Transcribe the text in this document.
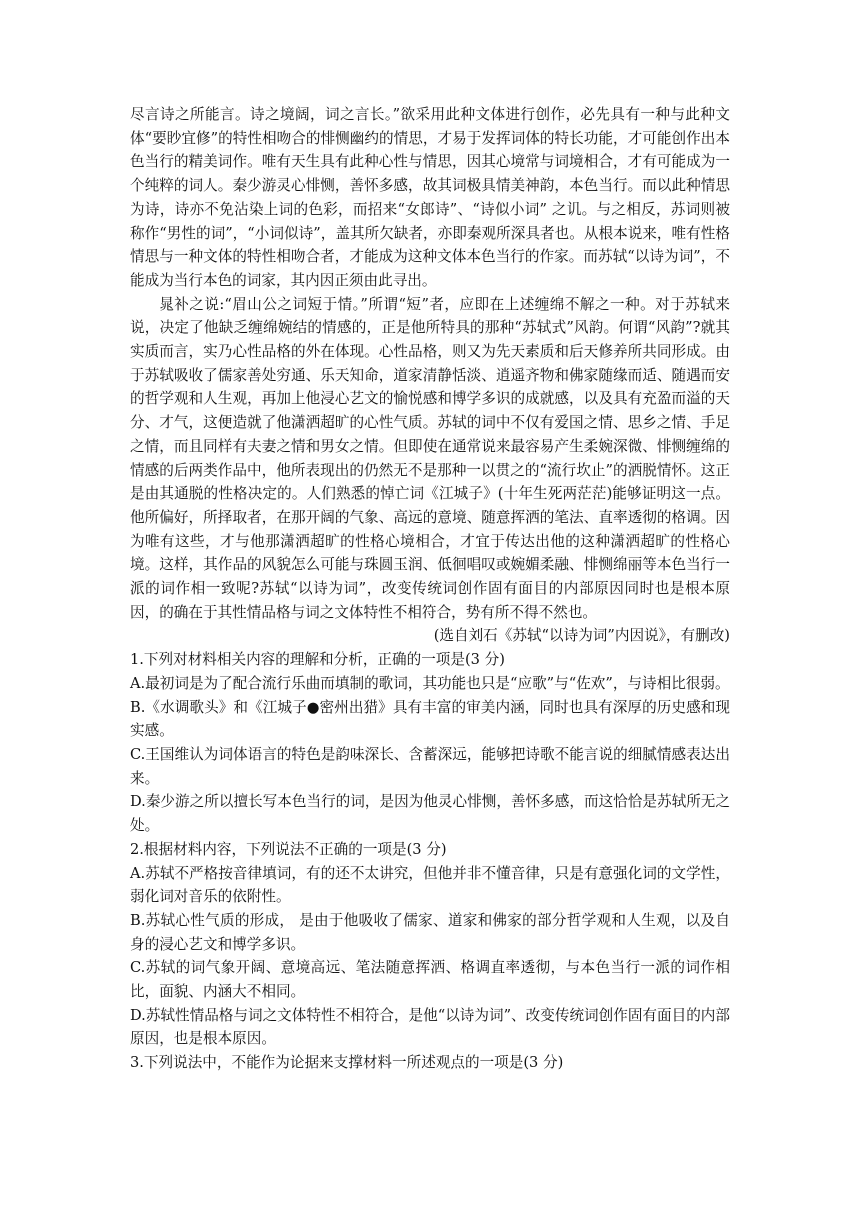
尽言诗之所能言。诗之境阔，词之言长。”欲采用此种文体进行创作，必先具有一种与此种文体“要眇宜修”的特性相吻合的悱恻幽约的情思，才易于发挥词体的特长功能，才可能创作出本色当行的精美词作。唯有天生具有此种心性与情思，因其心境常与词境相合，才有可能成为一个纯粹的词人。秦少游灵心悱恻，善怀多感，故其词极具情美神韵，本色当行。而以此种情思为诗，诗亦不免沾染上词的色彩，而招来“女郎诗”、“诗似小词” 之讥。与之相反，苏词则被称作“男性的词”，“小词似诗”，盖其所欠缺者，亦即秦观所深具者也。从根本说来，唯有性格情思与一种文体的特性相吻合者，才能成为这种文体本色当行的作家。而苏轼“以诗为词”，不能成为当行本色的词家，其内因正须由此寻出。

晁补之说:“眉山公之词短于情。”所谓“短”者，应即在上述缠绵不解之一种。对于苏轼来说，决定了他缺乏缠绵婉结的情感的，正是他所特具的那种“苏轼式”风韵。何谓“风韵”?就其实质而言，实乃心性品格的外在体现。心性品格，则又为先天素质和后天修养所共同形成。由于苏轼吸收了儒家善处穷通、乐天知命，道家清静恬淡、逍遥齐物和佛家随缘而适、随遇而安的哲学观和人生观，再加上他浸心艺文的愉悦感和博学多识的成就感，以及具有充盈而溢的天分、才气，这便造就了他潇洒超旷的心性气质。苏轼的词中不仅有爱国之情、思乡之情、手足之情，而且同样有夫妻之情和男女之情。但即使在通常说来最容易产生柔婉深微、悱恻缠绵的情感的后两类作品中，他所表现出的仍然无不是那种一以贯之的“流行坎止”的洒脱情怀。这正是由其通脱的性格决定的。人们熟悉的悼亡词《江城子》(十年生死两茫茫)能够证明这一点。他所偏好，所择取者，在那开阔的气象、高远的意境、随意挥洒的笔法、直率透彻的格调。因为唯有这些，才与他那潇洒超旷的性格心境相合，才宜于传达出他的这种潇洒超旷的性格心境。这样，其作品的风貌怎么可能与珠圆玉润、低徊唱叹或婉媚柔融、悱恻绵丽等本色当行一派的词作相一致呢?苏轼“以诗为词”，改变传统词创作固有面目的内部原因同时也是根本原因，的确在于其性情品格与词之文体特性不相符合，势有所不得不然也。

(选自刘石《苏轼“以诗为词”内因说》，有删改)

1.下列对材料相关内容的理解和分析，正确的一项是(3 分)

A.最初词是为了配合流行乐曲而填制的歌词，其功能也只是“应歌”与“佐欢”，与诗相比很弱。

B.《水调歌头》和《江城子●密州出猎》具有丰富的审美内涵，同时也具有深厚的历史感和现实感。

C.王国维认为词体语言的特色是韵味深长、含蓄深远，能够把诗歌不能言说的细腻情感表达出来。

D.秦少游之所以擅长写本色当行的词，是因为他灵心悱恻，善怀多感，而这恰恰是苏轼所无之处。

2.根据材料内容，下列说法不正确的一项是(3 分)

A.苏轼不严格按音律填词，有的还不太讲究，但他并非不懂音律，只是有意强化词的文学性，弱化词对音乐的依附性。

B.苏轼心性气质的形成， 是由于他吸收了儒家、道家和佛家的部分哲学观和人生观，以及自身的浸心艺文和博学多识。

C.苏轼的词气象开阔、意境高远、笔法随意挥洒、格调直率透彻，与本色当行一派的词作相比，面貌、内涵大不相同。

D.苏轼性情品格与词之文体特性不相符合，是他“以诗为词”、改变传统词创作固有面目的内部原因，也是根本原因。

3.下列说法中，不能作为论据来支撑材料一所述观点的一项是(3 分)
